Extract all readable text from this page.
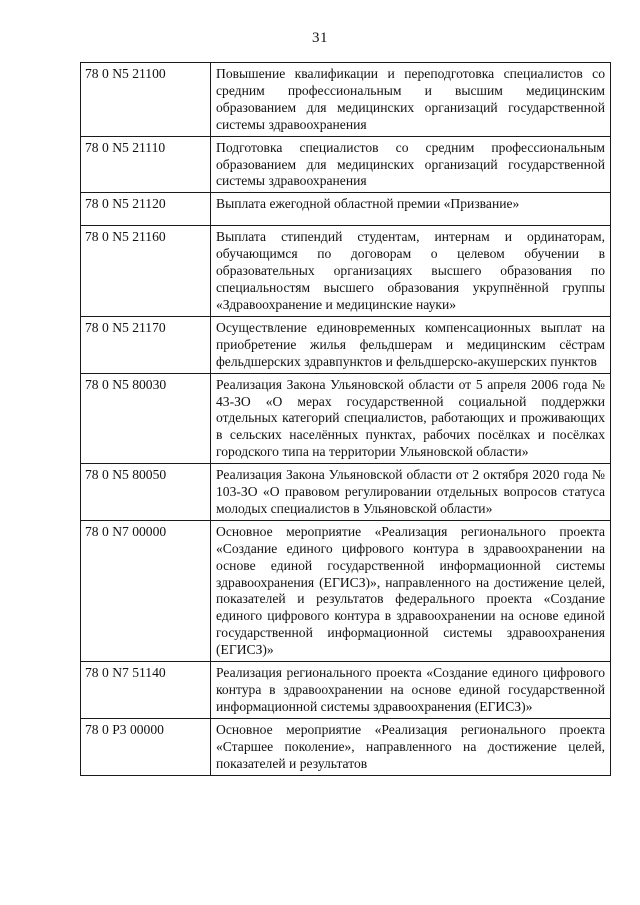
31
78 0 N5 21100	Повышение квалификации и переподготовка специалистов со средним профессиональным и высшим медицинским образованием для медицинских организаций государственной системы здравоохранения
78 0 N5 21110	Подготовка специалистов со средним профессиональным образованием для медицинских организаций государственной системы здравоохранения
78 0 N5 21120	Выплата ежегодной областной премии «Призвание»
78 0 N5 21160	Выплата стипендий студентам, интернам и ординаторам, обучающимся по договорам о целевом обучении в образовательных организациях высшего образования по специальностям высшего образования укрупнённой группы «Здравоохранение и медицинские науки»
78 0 N5 21170	Осуществление единовременных компенсационных выплат на приобретение жилья фельдшерам и медицинским сёстрам фельдшерских здравпунктов и фельдшерско-акушерских пунктов
78 0 N5 80030	Реализация Закона Ульяновской области от 5 апреля 2006 года № 43-ЗО «О мерах государственной социальной поддержки отдельных категорий специалистов, работающих и проживающих в сельских населённых пунктах, рабочих посёлках и посёлках городского типа на территории Ульяновской области»
78 0 N5 80050	Реализация Закона Ульяновской области от 2 октября 2020 года № 103-ЗО «О правовом регулировании отдельных вопросов статуса молодых специалистов в Ульяновской области»
78 0 N7 00000	Основное мероприятие «Реализация регионального проекта «Создание единого цифрового контура в здравоохранении на основе единой государственной информационной системы здравоохранения (ЕГИСЗ)», направленного на достижение целей, показателей и результатов федерального проекта «Создание единого цифрового контура в здравоохранении на основе единой государственной информационной системы здравоохранения (ЕГИСЗ)»
78 0 N7 51140	Реализация регионального проекта «Создание единого цифрового контура в здравоохранении на основе единой государственной информационной системы здравоохранения (ЕГИСЗ)»
78 0 P3 00000	Основное мероприятие «Реализация регионального проекта «Старшее поколение», направленного на достижение целей, показателей и результатов
